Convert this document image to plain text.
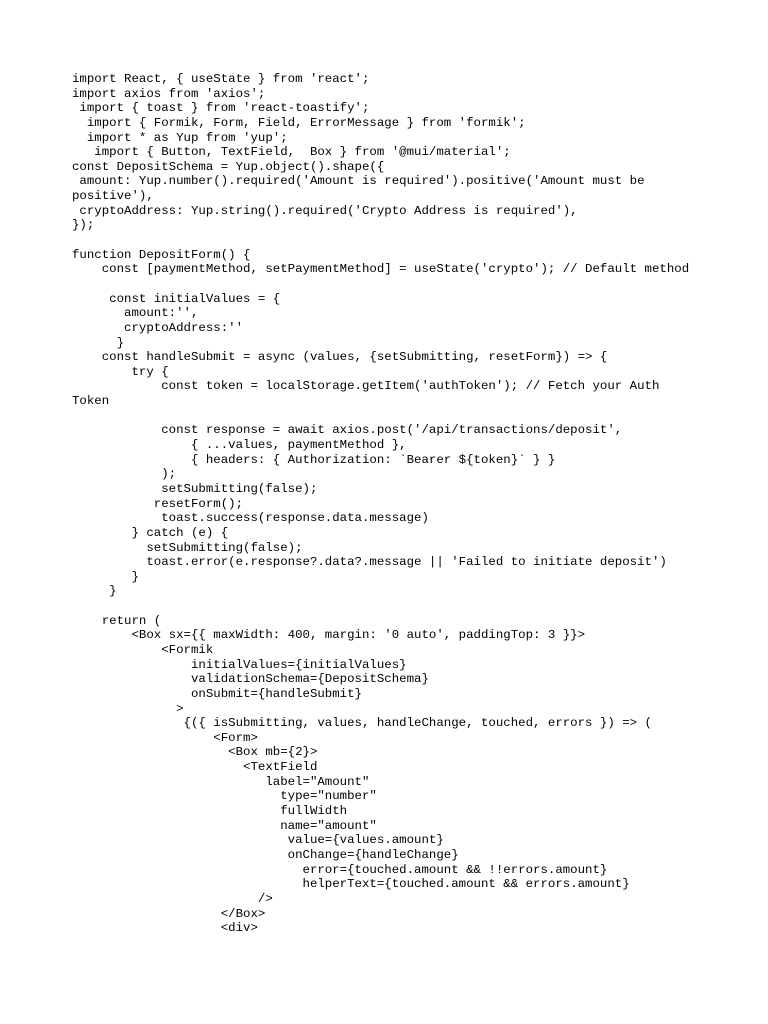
import React, { useState } from 'react';
import axios from 'axios';
import { toast } from 'react-toastify';
import { Formik, Form, Field, ErrorMessage } from 'formik';
import * as Yup from 'yup';
import { Button, TextField,  Box } from '@mui/material';
const DepositSchema = Yup.object().shape({
amount: Yup.number().required('Amount is required').positive('Amount must be
positive'),
cryptoAddress: Yup.string().required('Crypto Address is required'),
});
function DepositForm() {
const [paymentMethod, setPaymentMethod] = useState('crypto'); // Default method
const initialValues = {
amount:'',
cryptoAddress:''
}
const handleSubmit = async (values, {setSubmitting, resetForm}) => {
try {
const token = localStorage.getItem('authToken'); // Fetch your Auth
Token
const response = await axios.post('/api/transactions/deposit',
{ ...values, paymentMethod },
{ headers: { Authorization: `Bearer ${token}` } }
);
setSubmitting(false);
resetForm();
toast.success(response.data.message)
} catch (e) {
setSubmitting(false);
toast.error(e.response?.data?.message || 'Failed to initiate deposit')
}
}
return (
<Box sx={{ maxWidth: 400, margin: '0 auto', paddingTop: 3 }}>
<Formik
initialValues={initialValues}
validationSchema={DepositSchema}
onSubmit={handleSubmit}
>
{({ isSubmitting, values, handleChange, touched, errors }) => (
<Form>
<Box mb={2}>
<TextField
label="Amount"
type="number"
fullWidth
name="amount"
value={values.amount}
onChange={handleChange}
error={touched.amount && !!errors.amount}
helperText={touched.amount && errors.amount}
/>
</Box>
<div>
